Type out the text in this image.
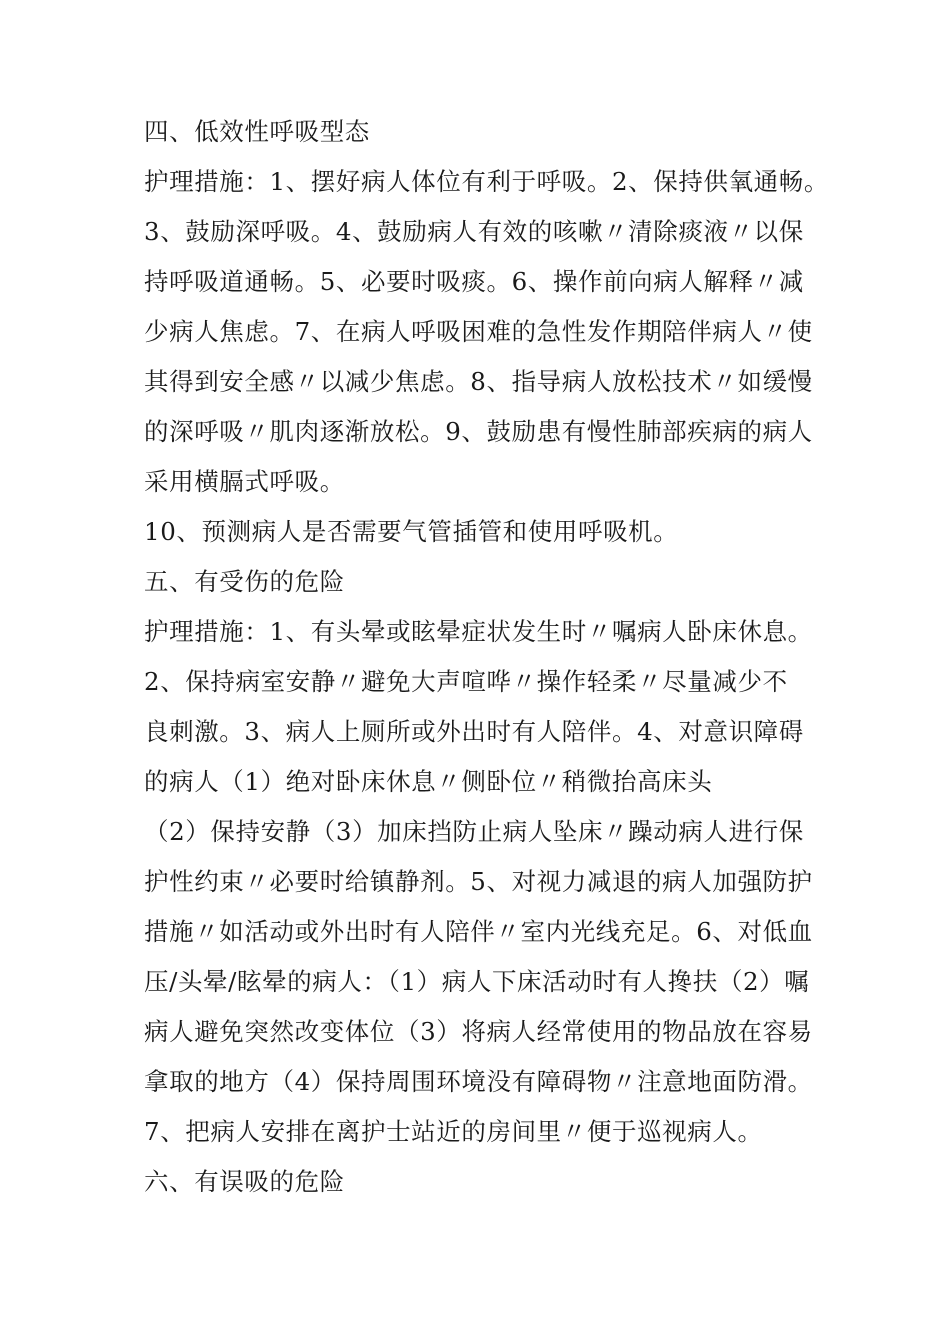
四、低效性呼吸型态
护理措施：1、摆好病人体位有利于呼吸。2、保持供氧通畅。
3、鼓励深呼吸。4、鼓励病人有效的咳嗽〃清除痰液〃以保
持呼吸道通畅。5、必要时吸痰。6、操作前向病人解释〃减
少病人焦虑。7、在病人呼吸困难的急性发作期陪伴病人〃使
其得到安全感〃以减少焦虑。8、指导病人放松技术〃如缓慢
的深呼吸〃肌肉逐渐放松。9、鼓励患有慢性肺部疾病的病人
采用横膈式呼吸。
10、预测病人是否需要气管插管和使用呼吸机。
五、有受伤的危险
护理措施：1、有头晕或眩晕症状发生时〃嘱病人卧床休息。
2、保持病室安静〃避免大声喧哗〃操作轻柔〃尽量减少不
良刺激。3、病人上厕所或外出时有人陪伴。4、对意识障碍
的病人（1）绝对卧床休息〃侧卧位〃稍微抬高床头
（2）保持安静（3）加床挡防止病人坠床〃躁动病人进行保
护性约束〃必要时给镇静剂。5、对视力减退的病人加强防护
措施〃如活动或外出时有人陪伴〃室内光线充足。6、对低血
压/头晕/眩晕的病人：（1）病人下床活动时有人搀扶（2）嘱
病人避免突然改变体位（3）将病人经常使用的物品放在容易
拿取的地方（4）保持周围环境没有障碍物〃注意地面防滑。
7、把病人安排在离护士站近的房间里〃便于巡视病人。
六、有误吸的危险
